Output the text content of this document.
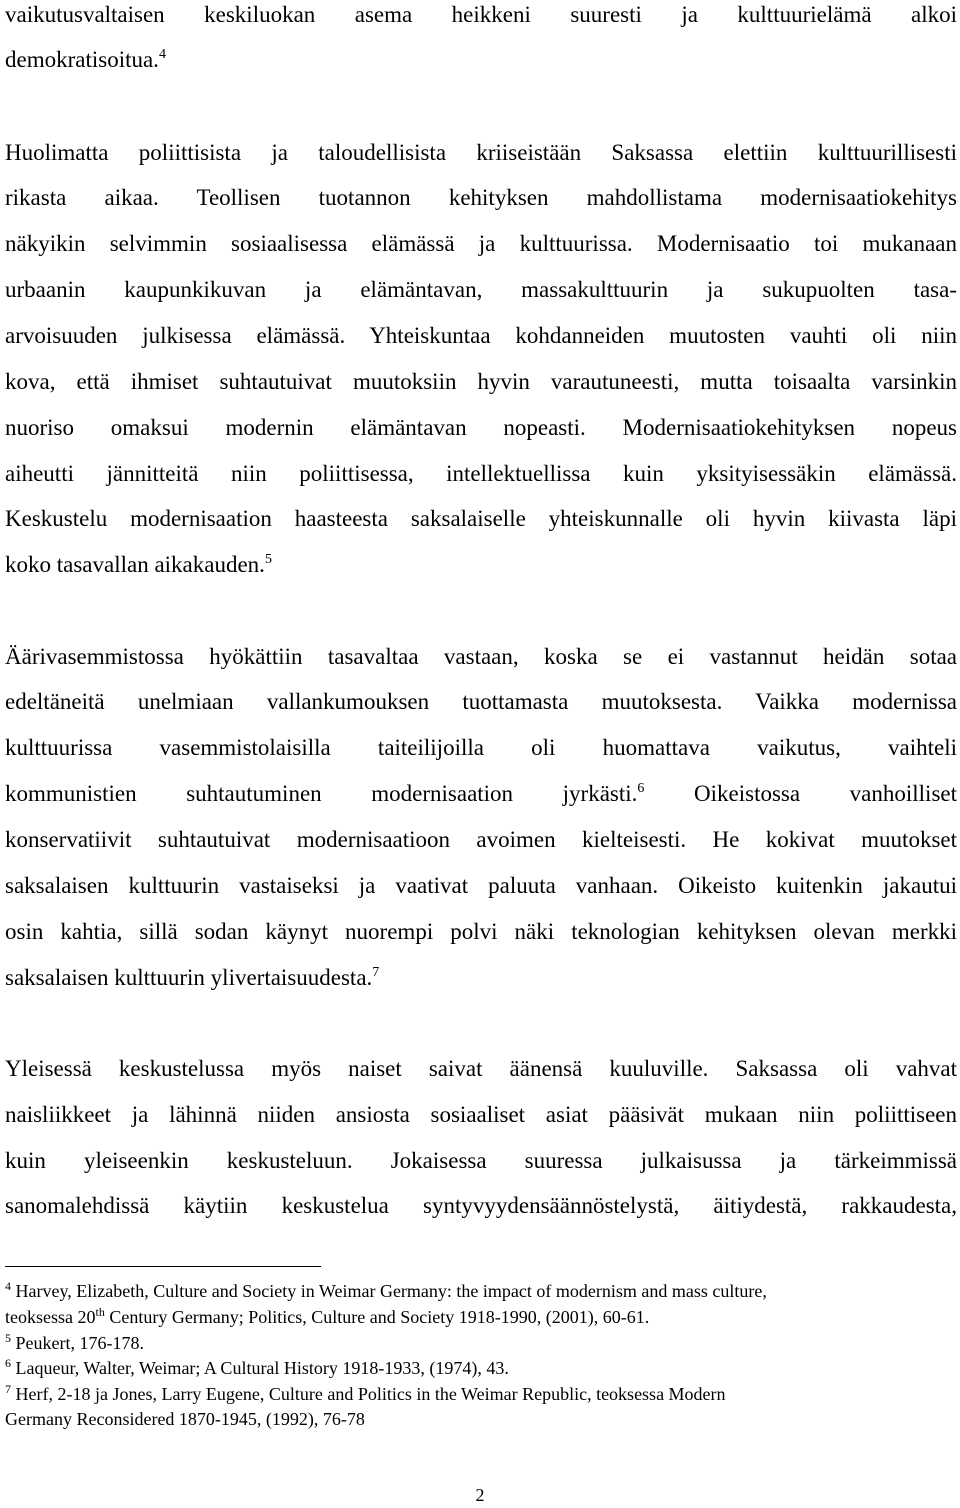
vaikutusvaltaisen keskiluokan asema heikkeni suuresti ja kulttuurielämä alkoi
demokratisoitua.$^4$
Huolimatta poliittisista ja taloudellisista kriiseistään Saksassa elettiin kulttuurillisesti
rikasta aikaa. Teollisen tuotannon kehityksen mahdollistama modernisaatiokehitys
näkyikin selvimmin sosiaalisessa elämässä ja kulttuurissa. Modernisaatio toi mukanaan
urbaanin kaupunkikuvan ja elämäntavan, massakulttuurin ja sukupuolten tasa-
arvoisuuden julkisessa elämässä. Yhteiskuntaa kohdanneiden muutosten vauhti oli niin
kova, että ihmiset suhtautuivat muutoksiin hyvin varautuneesti, mutta toisaalta varsinkin
nuoriso omaksui modernin elämäntavan nopeasti. Modernisaatiokehityksen nopeus
aiheutti jännitteitä niin poliittisessa, intellektuellissa kuin yksityisessäkin elämässä.
Keskustelu modernisaation haasteesta saksalaiselle yhteiskunnalle oli hyvin kiivasta läpi
koko tasavallan aikakauden.$^5$
Äärivasemmistossa hyökättiin tasavaltaa vastaan, koska se ei vastannut heidän sotaa
edeltäneitä unelmiaan vallankumouksen tuottamasta muutoksesta. Vaikka modernissa
kulttuurissa vasemmistolaisilla taiteilijoilla oli huomattava vaikutus, vaihteli
kommunistien suhtautuminen modernisaation jyrkästi.$^6$ Oikeistossa vanhoilliset
konservatiivit suhtautuivat modernisaatioon avoimen kielteisesti. He kokivat muutokset
saksalaisen kulttuurin vastaiseksi ja vaativat paluuta vanhaan. Oikeisto kuitenkin jakautui
osin kahtia, sillä sodan käynyt nuorempi polvi näki teknologian kehityksen olevan merkki
saksalaisen kulttuurin ylivertaisuudesta.$^7$
Yleisessä keskustelussa myös naiset saivat äänensä kuuluville. Saksassa oli vahvat
naisliikkeet ja lähinnä niiden ansiosta sosiaaliset asiat pääsivät mukaan niin poliittiseen
kuin yleiseenkin keskusteluun. Jokaisessa suuressa julkaisussa ja tärkeimmissä
sanomalehdissä käytiin keskustelua syntyvyydensäännöstelystä, äitiydestä, rakkaudesta,
$^4$ Harvey, Elizabeth, Culture and Society in Weimar Germany: the impact of modernism and mass culture,
teoksessa 20th Century Germany; Politics, Culture and Society 1918-1990, (2001), 60-61.
$^5$ Peukert, 176-178.
$^6$ Laqueur, Walter, Weimar; A Cultural History 1918-1933, (1974), 43.
$^7$ Herf, 2-18 ja Jones, Larry Eugene, Culture and Politics in the Weimar Republic, teoksessa Modern
Germany Reconsidered 1870-1945, (1992), 76-78
2
